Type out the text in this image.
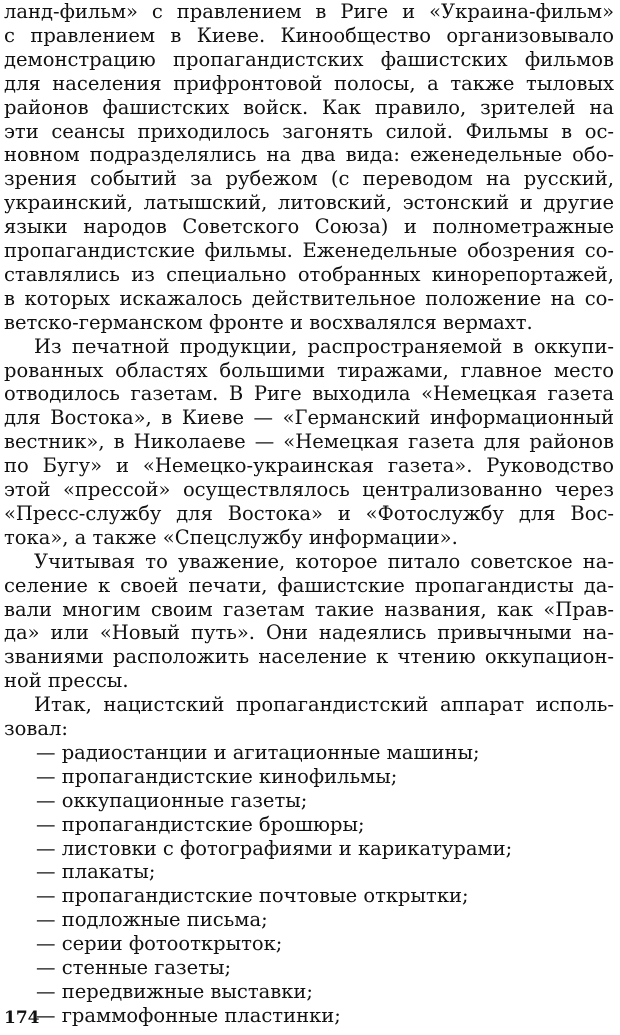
ланд-фильм» с правлением в Риге и «Украина-фильм»
с правлением в Киеве. Кинообщество организовывало
демонстрацию пропагандистских фашистских фильмов
для населения прифронтовой полосы, а также тыловых
районов фашистских войск. Как правило, зрителей на
эти сеансы приходилось загонять силой. Фильмы в ос-
новном подразделялись на два вида: еженедельные обо-
зрения событий за рубежом (с переводом на русский,
украинский, латышский, литовский, эстонский и другие
языки народов Советского Союза) и полнометражные
пропагандистские фильмы. Еженедельные обозрения со-
ставлялись из специально отобранных кинорепортажей,
в которых искажалось действительное положение на со-
ветско-германском фронте и восхвалялся вермахт.
Из печатной продукции, распространяемой в оккупи-
рованных областях большими тиражами, главное место
отводилось газетам. В Риге выходила «Немецкая газета
для Востока», в Киеве — «Германский информационный
вестник», в Николаеве — «Немецкая газета для районов
по Бугу» и «Немецко-украинская газета». Руководство
этой «прессой» осуществлялось централизованно через
«Пресс-службу для Востока» и «Фотослужбу для Вос-
тока», а также «Спецслужбу информации».
Учитывая то уважение, которое питало советское на-
селение к своей печати, фашистские пропагандисты да-
вали многим своим газетам такие названия, как «Прав-
да» или «Новый путь». Они надеялись привычными на-
званиями расположить население к чтению оккупацион-
ной прессы.
Итак, нацистский пропагандистский аппарат исполь-
зовал:
— радиостанции и агитационные машины;
— пропагандистские кинофильмы;
— оккупационные газеты;
— пропагандистские брошюры;
— листовки с фотографиями и карикатурами;
— плакаты;
— пропагандистские почтовые открытки;
— подложные письма;
— серии фотооткрыток;
— стенные газеты;
— передвижные выставки;
— граммофонные пластинки;
174
